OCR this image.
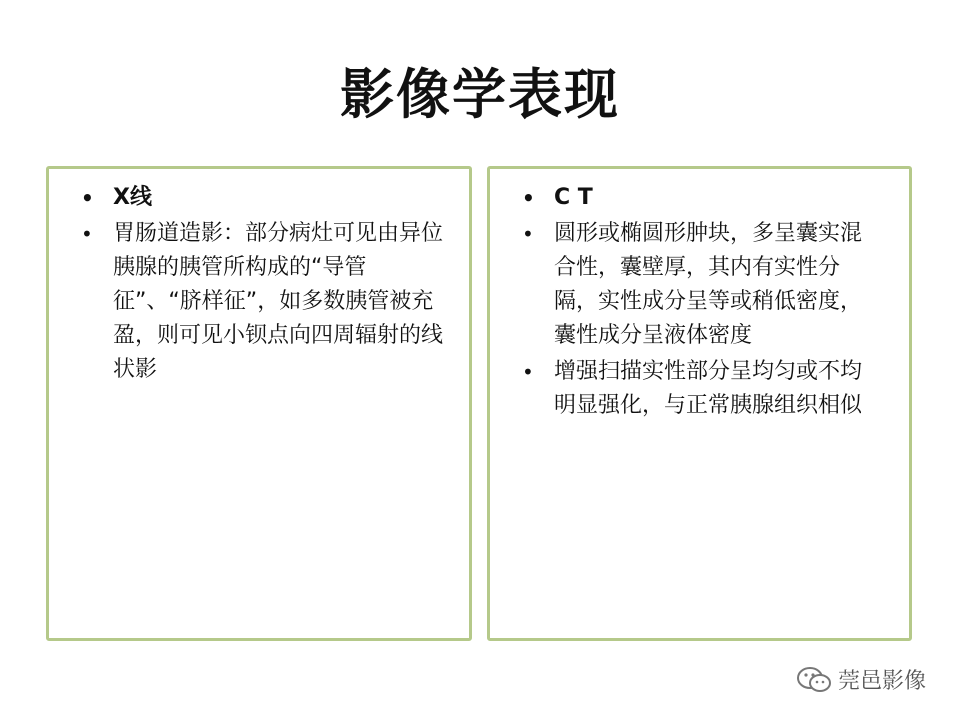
影像学表现
• X线
• 胃肠道造影：部分病灶可见由异位胰腺的胰管所构成的“导管征”、“脐样征”，如多数胰管被充盈，则可见小钡点向四周辐射的线状影
• C T
• 圆形或椭圆形肿块，多呈囊实混合性，囊壁厚，其内有实性分隔，实性成分呈等或稍低密度，囊性成分呈液体密度
• 增强扫描实性部分呈均匀或不均明显强化，与正常胰腺组织相似
莞邑影像
